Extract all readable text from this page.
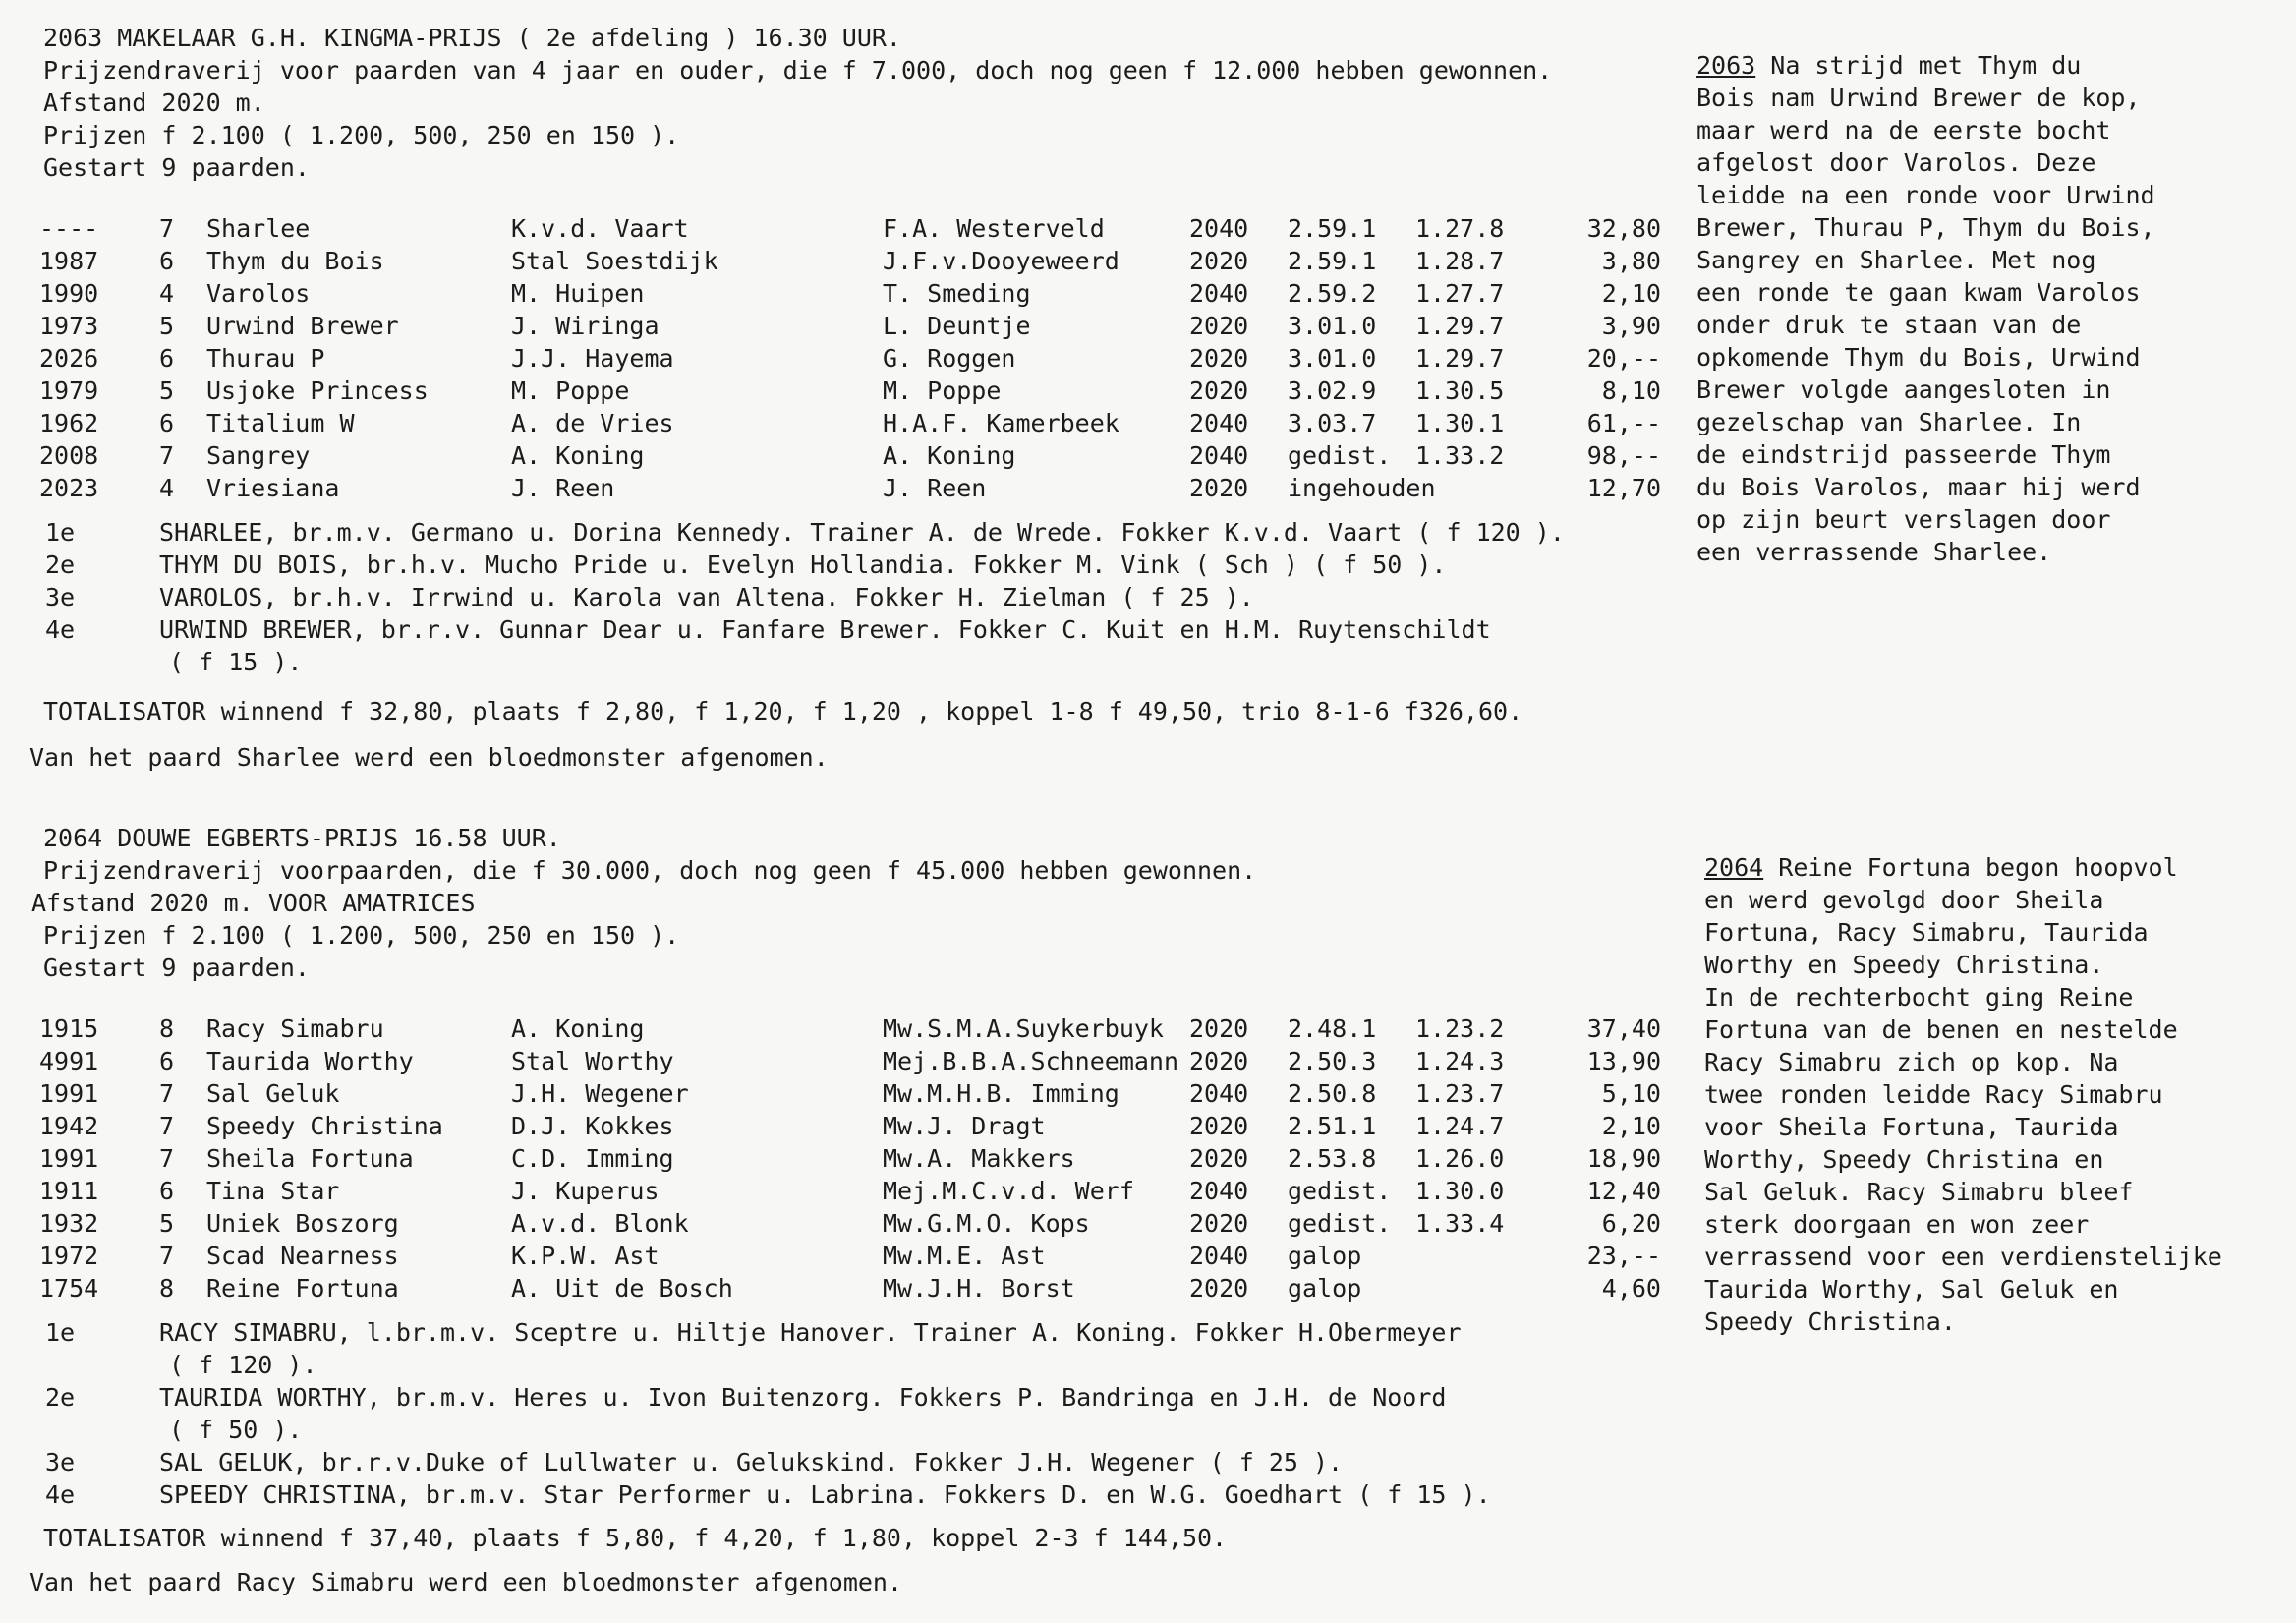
2063 MAKELAAR G.H. KINGMA-PRIJS ( 2e afdeling ) 16.30 UUR.
Prijzendraverij voor paarden van 4 jaar en ouder, die f 7.000, doch nog geen f 12.000 hebben gewonnen.
Afstand 2020 m.
Prijzen f 2.100 ( 1.200, 500, 250 en 150 ).
Gestart 9 paarden.
----	7 Sharlee	K.v.d. Vaart	F.A. Westerveld	2040 2.59.1 1.27.8	32,80
1987	6 Thym du Bois	Stal Soestdijk	J.F.v.Dooyeweerd	2020 2.59.1 1.28.7	3,80
1990	4 Varolos	M. Huipen	T. Smeding	2040 2.59.2 1.27.7	2,10
1973	5 Urwind Brewer	J. Wiringa	L. Deuntje	2020 3.01.0 1.29.7	3,90
2026	6 Thurau P	J.J. Hayema	G. Roggen	2020 3.01.0 1.29.7	20,--
1979	5 Usjoke Princess	M. Poppe	M. Poppe	2020 3.02.9 1.30.5	8,10
1962	6 Titalium W	A. de Vries	H.A.F. Kamerbeek	2040 3.03.7 1.30.1	61,--
2008	7 Sangrey	A. Koning	A. Koning	2040 gedist. 1.33.2	98,--
2023	4 Vriesiana	J. Reen	J. Reen	2020 ingehouden	12,70
1e	SHARLEE, br.m.v. Germano u. Dorina Kennedy. Trainer A. de Wrede. Fokker K.v.d. Vaart ( f 120 ).
2e	THYM DU BOIS, br.h.v. Mucho Pride u. Evelyn Hollandia. Fokker M. Vink ( Sch ) ( f 50 ).
3e	VAROLOS, br.h.v. Irrwind u. Karola van Altena. Fokker H. Zielman ( f 25 ).
4e	URWIND BREWER, br.r.v. Gunnar Dear u. Fanfare Brewer. Fokker C. Kuit en H.M. Ruytenschildt
( f 15 ).
TOTALISATOR winnend f 32,80, plaats f 2,80, f 1,20, f 1,20 , koppel 1-8 f 49,50, trio 8-1-6 f326,60.
Van het paard Sharlee werd een bloedmonster afgenomen.
2063 Na strijd met Thym du
Bois nam Urwind Brewer de kop,
maar werd na de eerste bocht
afgelost door Varolos. Deze
leidde na een ronde voor Urwind
Brewer, Thurau P, Thym du Bois,
Sangrey en Sharlee. Met nog
een ronde te gaan kwam Varolos
onder druk te staan van de
opkomende Thym du Bois, Urwind
Brewer volgde aangesloten in
gezelschap van Sharlee. In
de eindstrijd passeerde Thym
du Bois Varolos, maar hij werd
op zijn beurt verslagen door
een verrassende Sharlee.
2064 DOUWE EGBERTS-PRIJS 16.58 UUR.
Prijzendraverij voorpaarden, die f 30.000, doch nog geen f 45.000 hebben gewonnen.
Afstand 2020 m. VOOR AMATRICES
Prijzen f 2.100 ( 1.200, 500, 250 en 150 ).
Gestart 9 paarden.
1915	8 Racy Simabru	A. Koning	Mw.S.M.A.Suykerbuyk 2020 2.48.1 1.23.2	37,40
4991	6 Taurida Worthy	Stal Worthy	Mej.B.B.A.Schneemann 2020 2.50.3 1.24.3	13,90
1991	7 Sal Geluk	J.H. Wegener	Mw.M.H.B. Imming	2040 2.50.8 1.23.7	5,10
1942	7 Speedy Christina	D.J. Kokkes	Mw.J. Dragt	2020 2.51.1 1.24.7	2,10
1991	7 Sheila Fortuna	C.D. Imming	Mw.A. Makkers	2020 2.53.8 1.26.0	18,90
1911	6 Tina Star	J. Kuperus	Mej.M.C.v.d. Werf 2040 gedist. 1.30.0	12,40
1932	5 Uniek Boszorg	A.v.d. Blonk	Mw.G.M.O. Kops	2020 gedist. 1.33.4	6,20
1972	7 Scad Nearness	K.P.W. Ast	Mw.M.E. Ast	2040 galop	23,--
1754	8 Reine Fortuna	A. Uit de Bosch	Mw.J.H. Borst	2020 galop	4,60
1e	RACY SIMABRU, l.br.m.v. Sceptre u. Hiltje Hanover. Trainer A. Koning. Fokker H.Obermeyer
( f 120 ).
2e	TAURIDA WORTHY, br.m.v. Heres u. Ivon Buitenzorg. Fokkers P. Bandringa en J.H. de Noord
( f 50 ).
3e	SAL GELUK, br.r.v.Duke of Lullwater u. Gelukskind. Fokker J.H. Wegener ( f 25 ).
4e	SPEEDY CHRISTINA, br.m.v. Star Performer u. Labrina. Fokkers D. en W.G. Goedhart ( f 15 ).
TOTALISATOR winnend f 37,40, plaats f 5,80, f 4,20, f 1,80, koppel 2-3 f 144,50.
Van het paard Racy Simabru werd een bloedmonster afgenomen.
2064 Reine Fortuna begon hoopvol
en werd gevolgd door Sheila
Fortuna, Racy Simabru, Taurida
Worthy en Speedy Christina.
In de rechterbocht ging Reine
Fortuna van de benen en nestelde
Racy Simabru zich op kop. Na
twee ronden leidde Racy Simabru
voor Sheila Fortuna, Taurida
Worthy, Speedy Christina en
Sal Geluk. Racy Simabru bleef
sterk doorgaan en won zeer
verrassend voor een verdienstelijke
Taurida Worthy, Sal Geluk en
Speedy Christina.
